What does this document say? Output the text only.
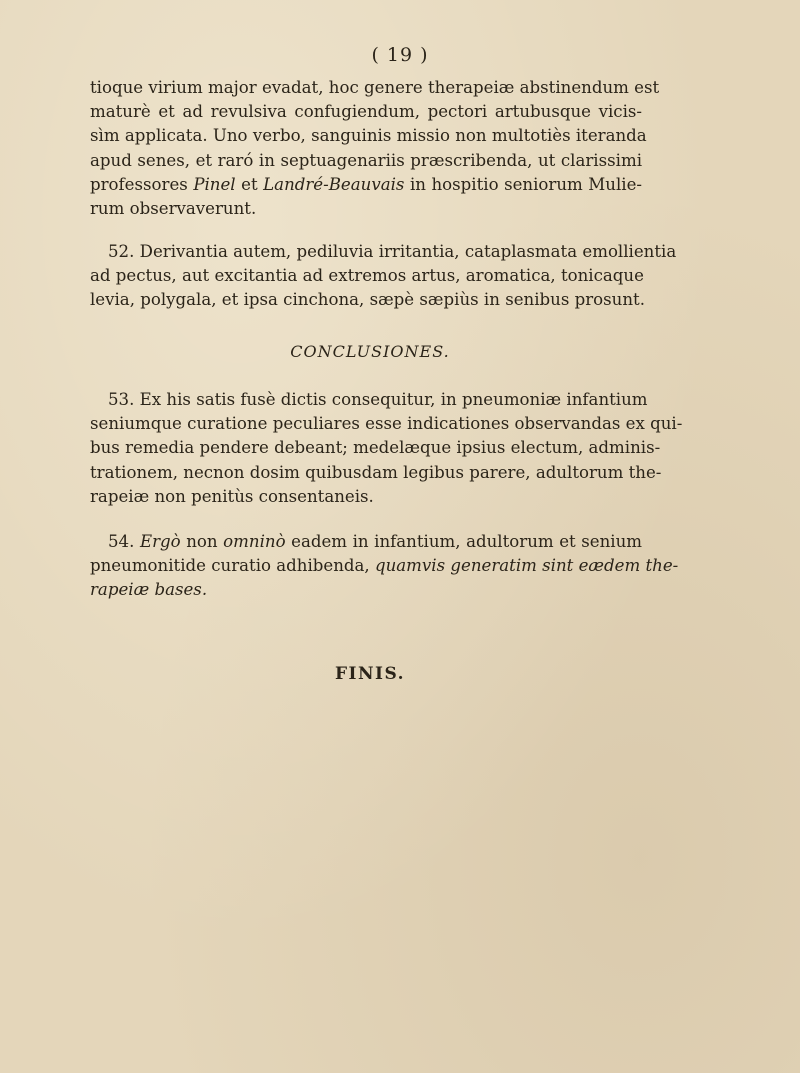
( 19 )
tioque virium major evadat, hoc genere therapeiæ abstinendum est
maturè et ad revulsiva confugiendum, pectori artubusque vicis-
sìm applicata. Uno verbo, sanguinis missio non multotiès iteranda
apud senes, et raró in septuagenariis præscribenda, ut clarissimi
professores Pinel et Landré-Beauvais in hospitio seniorum Mulie-
rum observaverunt.
52. Derivantia autem, pediluvia irritantia, cataplasmata emollientia
ad pectus, aut excitantia ad extremos artus, aromatica, tonicaque
levia, polygala, et ipsa cinchona, sæpè sæpiùs in senibus prosunt.
CONCLUSIONES.
53. Ex his satis fusè dictis consequitur, in pneumoniæ infantium
seniumque curatione peculiares esse indicationes observandas ex qui-
bus remedia pendere debeant; medelæque ipsius electum, adminis-
trationem, necnon dosim quibusdam legibus parere, adultorum the-
rapeiæ non penitùs consentaneis.
54. Ergò non omninò eadem in infantium, adultorum et senium
pneumonitide curatio adhibenda, quamvis generatim sint eædem the-
rapeiæ bases.
FINIS.
